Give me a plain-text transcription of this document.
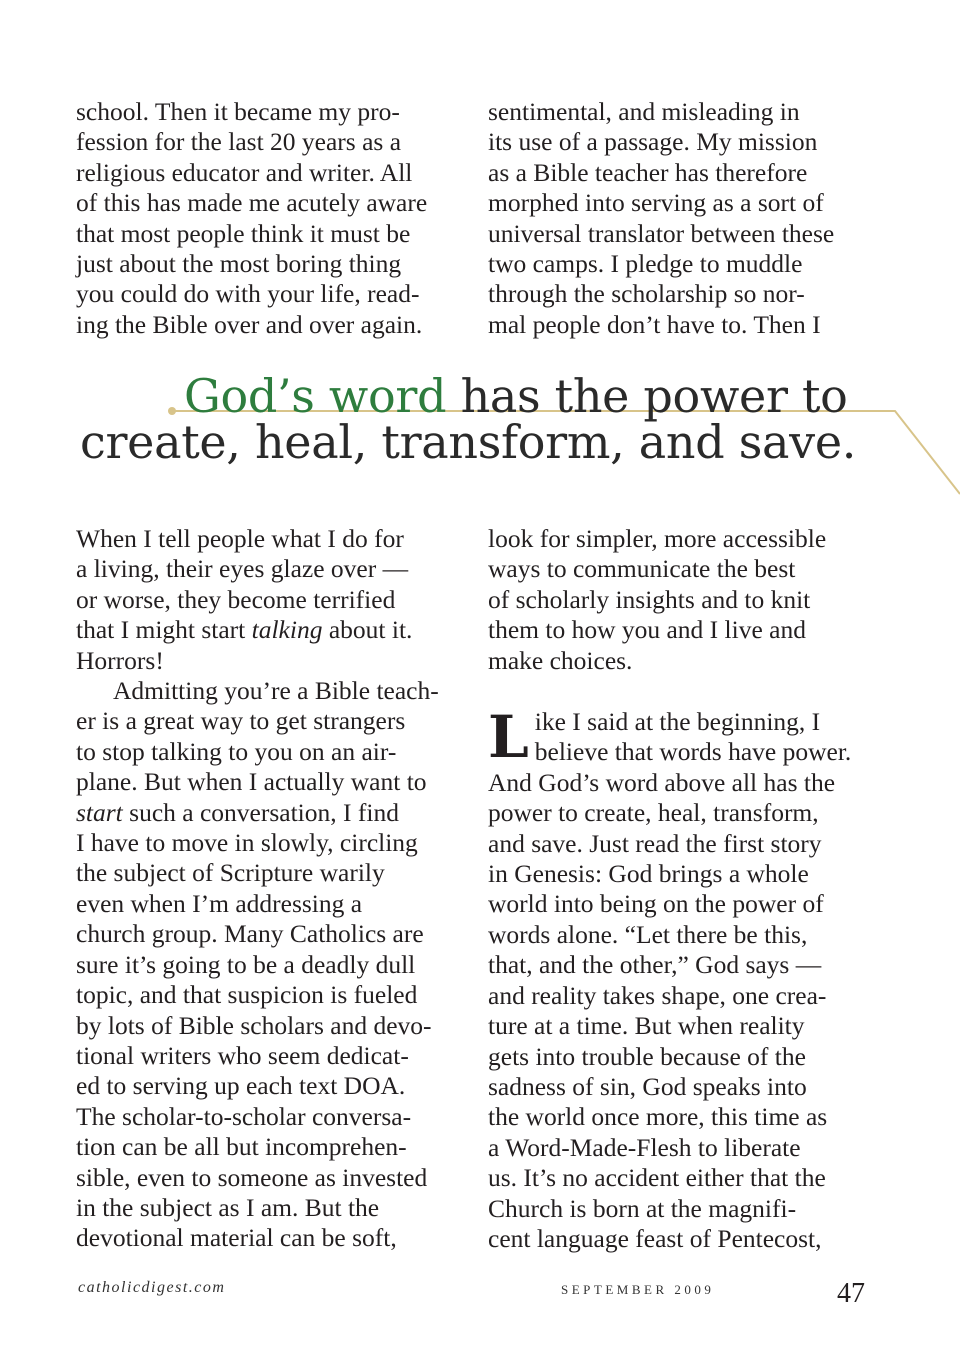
school. Then it became my pro-
fession for the last 20 years as a
religious educator and writer. All
of this has made me acutely aware
that most people think it must be
just about the most boring thing
you could do with your life, read-
ing the Bible over and over again.
sentimental, and misleading in
its use of a passage. My mission
as a Bible teacher has therefore
morphed into serving as a sort of
universal translator between these
two camps. I pledge to muddle
through the scholarship so nor-
mal people don’t have to. Then I
God’s word has the power to
create, heal, transform, and save.
When I tell people what I do for
a living, their eyes glaze over —
or worse, they become terrified
that I might start talking about it.
Horrors!
Admitting you’re a Bible teach-
er is a great way to get strangers
to stop talking to you on an air-
plane. But when I actually want to
start such a conversation, I find
I have to move in slowly, circling
the subject of Scripture warily
even when I’m addressing a
church group. Many Catholics are
sure it’s going to be a deadly dull
topic, and that suspicion is fueled
by lots of Bible scholars and devo-
tional writers who seem dedicat-
ed to serving up each text DOA.
The scholar-to-scholar conversa-
tion can be all but incomprehen-
sible, even to someone as invested
in the subject as I am. But the
devotional material can be soft,
look for simpler, more accessible
ways to communicate the best
of scholarly insights and to knit
them to how you and I live and
make choices.
L ike I said at the beginning, I
believe that words have power.
And God’s word above all has the
power to create, heal, transform,
and save. Just read the first story
in Genesis: God brings a whole
world into being on the power of
words alone. “Let there be this,
that, and the other,” God says —
and reality takes shape, one crea-
ture at a time. But when reality
gets into trouble because of the
sadness of sin, God speaks into
the world once more, this time as
a Word-Made-Flesh to liberate
us. It’s no accident either that the
Church is born at the magnifi-
cent language feast of Pentecost,
catholicdigest.com	SEPTEMBER 2009	47
